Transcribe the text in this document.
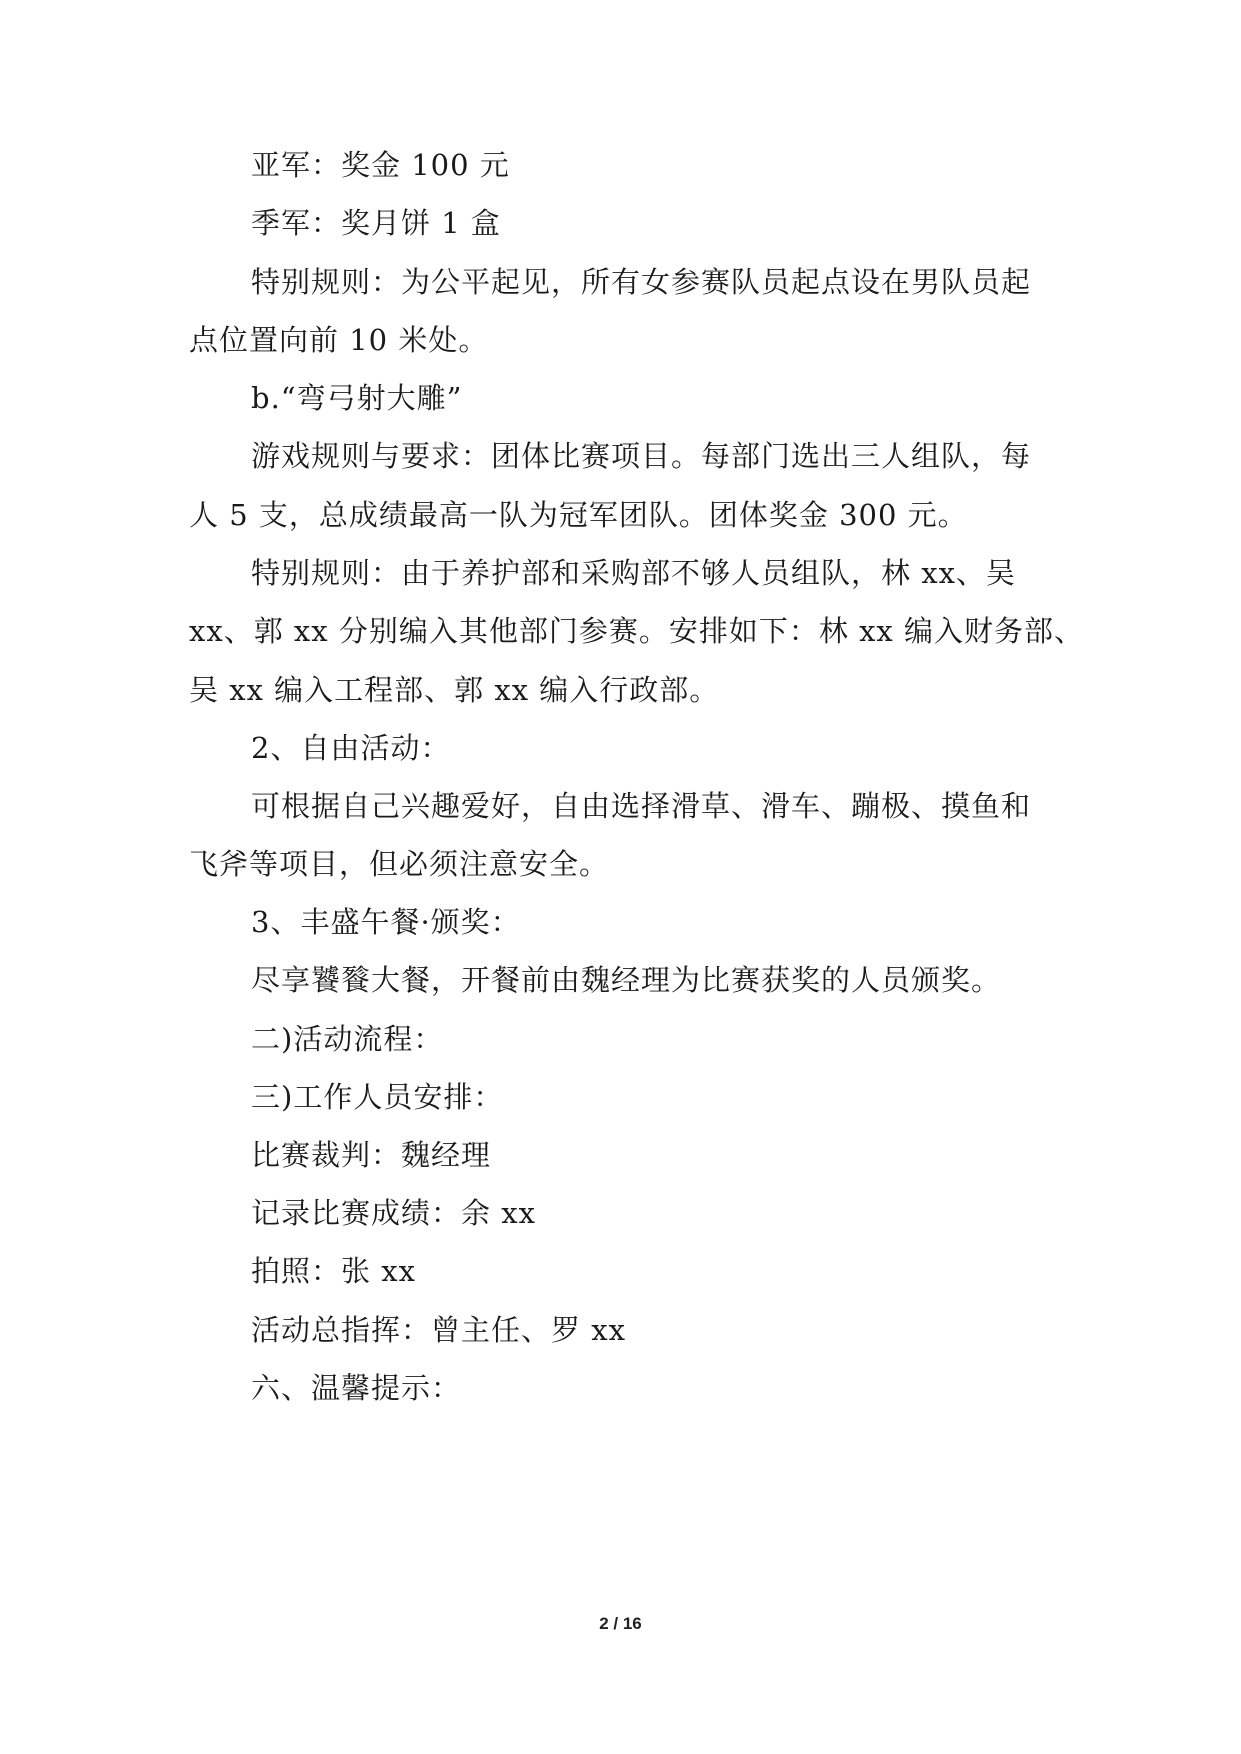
亚军：奖金 100 元
季军：奖月饼 1 盒
特别规则：为公平起见，所有女参赛队员起点设在男队员起
点位置向前 10 米处。
b.“弯弓射大雕”
游戏规则与要求：团体比赛项目。每部门选出三人组队，每
人 5 支，总成绩最高一队为冠军团队。团体奖金 300 元。
特别规则：由于养护部和采购部不够人员组队，林 xx、吴
xx、郭 xx 分别编入其他部门参赛。安排如下：林 xx 编入财务部、
吴 xx 编入工程部、郭 xx 编入行政部。
2、自由活动：
可根据自己兴趣爱好，自由选择滑草、滑车、蹦极、摸鱼和
飞斧等项目，但必须注意安全。
3、丰盛午餐·颁奖：
尽享饕餮大餐，开餐前由魏经理为比赛获奖的人员颁奖。
二)活动流程：
三)工作人员安排：
比赛裁判：魏经理
记录比赛成绩：余 xx
拍照：张 xx
活动总指挥：曾主任、罗 xx
六、温馨提示：
2 / 16
